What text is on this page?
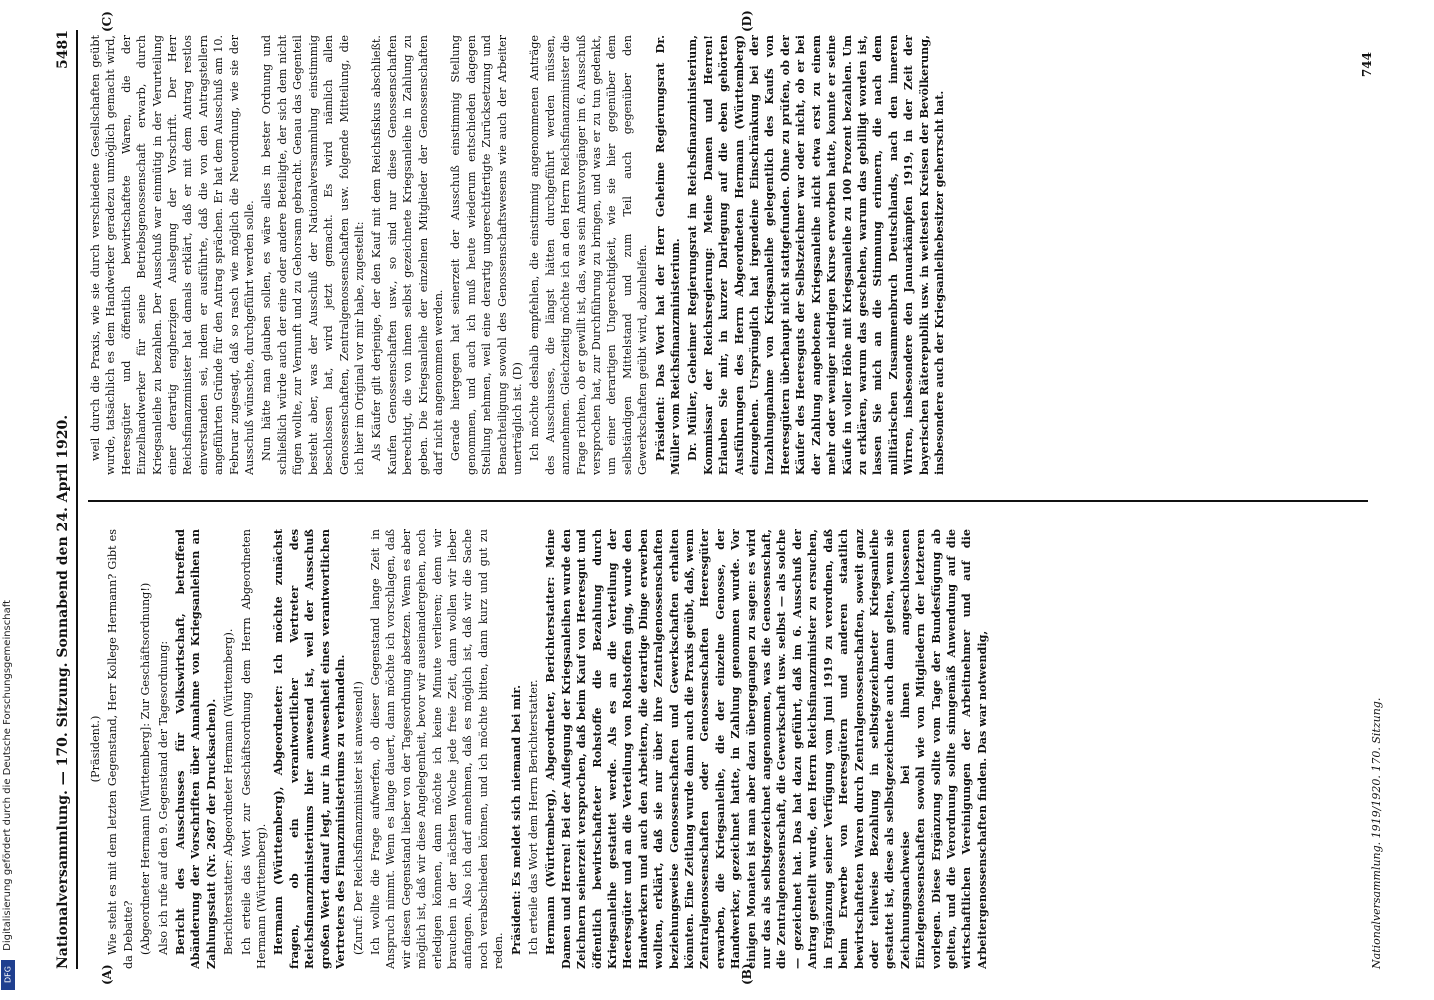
Digitalisierung gefördert durch die Deutsche Forschungsgemeinschaft
DFG
Nationalversammlung. — 170. Sitzung. Sonnabend den 24. April 1920.
5481

(Präsident.) Wie steht es mit dem letzten Gegenstand, Herr Kollege Hermann? Gibt es da Debatte? (Abgeordneter Hermann [Württemberg]: Zur Geschäftsordnung!) Also ich rufe auf den 9. Gegenstand der Tagesordnung: Bericht des Ausschusses für Volkswirtschaft, betreffend Abänderung der Vorschriften über Annahme von Kriegsanleihen an Zahlungsstatt (Nr. 2687 der Drucksachen). Berichterstatter: Abgeordneter Hermann (Württemberg). Ich erteile das Wort zur Geschäftsordnung dem Herrn Abgeordneten Hermann (Württemberg). Hermann (Württemberg), Abgeordneter: Ich möchte zunächst fragen, ob ein verantwortlicher Vertreter des Reichsfinanzministeriums hier anwesend ist, weil der Ausschuß großen Wert darauf legt, nur in Anwesenheit eines verantwortlichen Vertreters des Finanzministeriums zu verhandeln. (Zuruf: Der Reichsfinanzminister ist anwesend!) Ich wollte die Frage aufwerfen, ob dieser Gegenstand lange Zeit in Anspruch nimmt. Wenn es lange dauert, dann möchte ich vorschlagen, daß wir diesen Gegenstand lieber von der Tagesordnung absetzen. Wenn es aber möglich ist, daß wir diese Angelegenheit, bevor wir auseinandergehen, noch erledigen können, dann möchte ich keine Minute verlieren; denn wir brauchen in der nächsten Woche jede freie Zeit, dann wollen wir lieber anfangen. Also ich darf annehmen, daß es möglich ist, daß wir die Sache noch verabschieden können, und ich möchte bitten, dann kurz und gut zu reden. Präsident: Es meldet sich niemand bei mir. Ich erteile das Wort dem Herrn Berichterstatter. Hermann (Württemberg), Abgeordneter, Berichterstatter: Meine Damen und Herren! Bei der Auflegung der Kriegsanleihen wurde den Zeichnern seinerzeit versprochen, daß beim Kauf von Heeresgut und öffentlich bewirtschafteter Rohstoffe die Bezahlung durch Kriegsanleihe gestattet werde. Als es an die Verteilung der Heeresgüter und an die Verteilung von Rohstoffen ging, wurde den Handwerkern und auch den Arbeitern, die derartige Dinge erwerben wollten, erklärt, daß sie nur über ihre Zentralgenossenschaften beziehungsweise Genossenschaften und Gewerkschaften erhalten könnten. Eine Zeitlang wurde dann auch die Praxis geübt, daß, wenn Zentralgenossenschaften oder Genossenschaften Heeresgüter erwarben, die Kriegsanleihe, die der einzelne Genosse, der Handwerker, gezeichnet hatte, in Zahlung genommen wurde. Vor einigen Monaten ist man aber dazu übergegangen zu sagen: es wird nur das als selbstgezeichnet angenommen, was die Genossenschaft, die Zentralgenossenschaft, die Gewerkschaft usw. selbst — als solche — gezeichnet hat. Das hat dazu geführt, daß im 6. Ausschuß der Antrag gestellt wurde, den Herrn Reichsfinanzminister zu ersuchen, in Ergänzung seiner Verfügung vom Juni 1919 zu verordnen, daß beim Erwerbe von Heeresgütern und anderen staatlich bewirtschafteten Waren durch Zentralgenossenschaften, soweit ganz oder teilweise Bezahlung in selbstgezeichneter Kriegsanleihe gestattet ist, diese als selbstgezeichnete auch dann gelten, wenn sie Zeichnungsnachweise bei ihnen angeschlossenen Einzelgenossenschaften sowohl wie von Mitgliedern der letzteren vorlegen. Diese Ergänzung sollte vom Tage der Bundesfügung ab gelten, und die Verordnung sollte sinngemäß Anwendung auf die wirtschaftlichen Vereinigungen der Arbeitnehmer und auf die Arbeitergenossenschaften finden. Das war notwendig,

weil durch die Praxis, wie sie durch verschiedene Gesellschaften geübt wurde, tatsächlich es dem Handwerker geradezu unmöglich gemacht wird, Heeresgüter und öffentlich bewirtschaftete Waren, die der Einzelhandwerker für seine Betriebsgenossenschaft erwarb, durch Kriegsanleihe zu bezahlen. Der Ausschuß war einmütig in der Verurteilung einer derartig engherzigen Auslegung der Vorschrift. Der Herr Reichsfinanzminister hat damals erklärt, daß er mit dem Antrag restlos einverstanden sei, indem er ausführte, daß die von den Antragstellern angeführten Gründe für den Antrag sprächen. Er hat dem Ausschuß am 10. Februar zugesagt, daß so rasch wie möglich die Neuordnung, wie sie der Ausschuß wünschte, durchgeführt werden solle. Nun hätte man glauben sollen, es wäre alles in bester Ordnung und schließlich würde auch der eine oder andere Beteiligte, der sich dem nicht fügen wollte, zur Vernunft und zu Gehorsam gebracht. Genau das Gegenteil besteht aber, was der Ausschuß der Nationalversammlung einstimmig beschlossen hat, wird jetzt gemacht. Es wird nämlich allen Genossenschaften, Zentralgenossenschaften usw. folgende Mitteilung, die ich hier im Original vor mir habe, zugestellt: Als Käufer gilt derjenige, der den Kauf mit dem Reichsfiskus abschließt. Kaufen Genossenschaften usw., so sind nur diese Genossenschaften berechtigt, die von ihnen selbst gezeichnete Kriegsanleihe in Zahlung zu geben. Die Kriegsanleihe der einzelnen Mitglieder der Genossenschaften darf nicht angenommen werden. Gerade hiergegen hat seinerzeit der Ausschuß einstimmig Stellung genommen, und auch ich muß heute wiederum entschieden dagegen Stellung nehmen, weil eine derartig ungerechtfertigte Zurücksetzung und Benachteiligung sowohl des Genossenschaftswesens wie auch der Arbeiter unerträglich ist. (D) Ich möchte deshalb empfehlen, die einstimmig angenommenen Anträge des Ausschusses, die längst hätten durchgeführt werden müssen, anzunehmen. Gleichzeitig möchte ich an den Herrn Reichsfinanzminister die Frage richten, ob er gewillt ist, das, was sein Amtsvorgänger im 6. Ausschuß versprochen hat, zur Durchführung zu bringen, und was er zu tun gedenkt, um einer derartigen Ungerechtigkeit, wie sie hier gegenüber dem selbständigen Mittelstand und zum Teil auch gegenüber den Gewerkschaften geübt wird, abzuhelfen. Präsident: Das Wort hat der Herr Geheime Regierungsrat Dr. Müller vom Reichsfinanzministerium. Dr. Müller, Geheimer Regierungsrat im Reichsfinanzministerium, Kommissar der Reichsregierung: Meine Damen und Herren! Erlauben Sie mir, in kurzer Darlegung auf die eben gehörten Ausführungen des Herrn Abgeordneten Hermann (Württemberg) einzugehen. Ursprünglich hat irgendeine Einschränkung bei der Inzahlungnahme von Kriegsanleihe gelegentlich des Kaufs von Heeresgütern überhaupt nicht stattgefunden. Ohne zu prüfen, ob der Käufer des Heeresguts der Selbstzeichner war oder nicht, ob er bei der Zahlung angebotene Kriegsanleihe nicht etwa erst zu einem mehr oder weniger niedrigen Kurse erworben hatte, konnte er seine Käufe in voller Höhe mit Kriegsanleihe zu 100 Prozent bezahlen. Um zu erklären, warum das geschehen, warum das gebilligt worden ist, lassen Sie mich an die Stimmung erinnern, die nach dem militärischen Zusammenbruch Deutschlands, nach den inneren Wirren, insbesondere den Januarkämpfen 1919, in der Zeit der bayerischen Räterepublik usw. in weitesten Kreisen der Bevölkerung, insbesondere auch der Kriegsanleihebesitzer geherrscht hat.

(A)	(B)
(C)	(D)
Nationalversammlung. 1919/1920. 170. Sitzung.
744
